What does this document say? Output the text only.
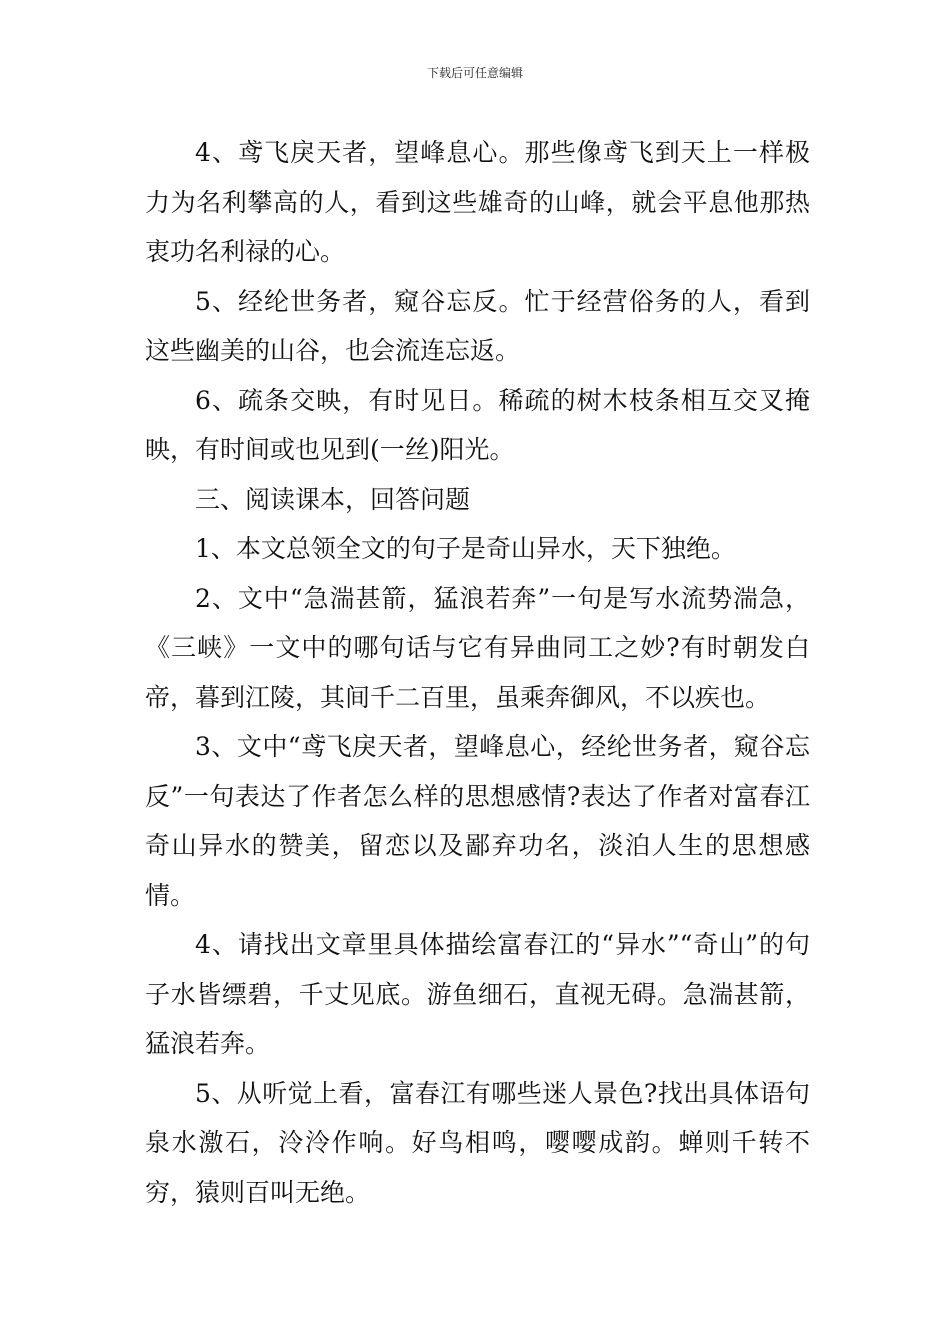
下载后可任意编辑

4、鸢飞戾天者，望峰息心。那些像鸢飞到天上一样极力为名利攀高的人，看到这些雄奇的山峰，就会平息他那热衷功名利禄的心。

5、经纶世务者，窥谷忘反。忙于经营俗务的人，看到这些幽美的山谷，也会流连忘返。

6、疏条交映，有时见日。稀疏的树木枝条相互交叉掩映，有时间或也见到(一丝)阳光。

三、阅读课本，回答问题

1、本文总领全文的句子是奇山异水，天下独绝。

2、文中“急湍甚箭，猛浪若奔”一句是写水流势湍急，《三峡》一文中的哪句话与它有异曲同工之妙?有时朝发白帝，暮到江陵，其间千二百里，虽乘奔御风，不以疾也。

3、文中“鸢飞戾天者，望峰息心，经纶世务者，窥谷忘反”一句表达了作者怎么样的思想感情?表达了作者对富春江奇山异水的赞美，留恋以及鄙弃功名，淡泊人生的思想感情。

4、请找出文章里具体描绘富春江的“异水”“奇山”的句子水皆缥碧，千丈见底。游鱼细石，直视无碍。急湍甚箭，猛浪若奔。

5、从听觉上看，富春江有哪些迷人景色?找出具体语句泉水激石，泠泠作响。好鸟相鸣，嘤嘤成韵。蝉则千转不穷，猿则百叫无绝。
